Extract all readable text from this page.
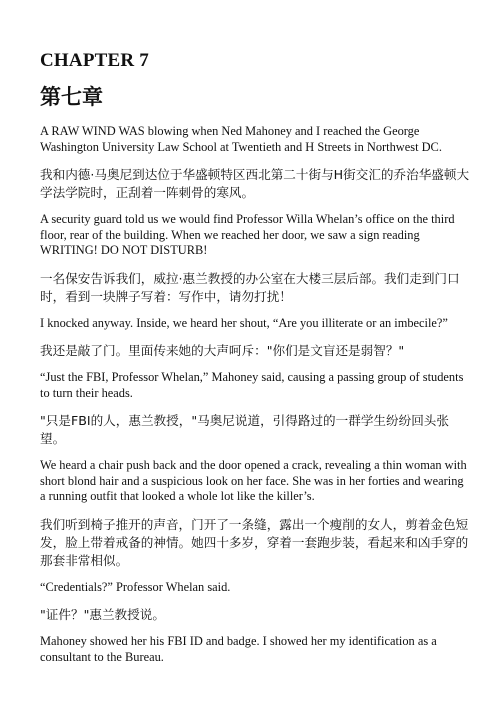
CHAPTER 7
第七章

A RAW WIND WAS blowing when Ned Mahoney and I reached the George Washington University Law School at Twentieth and H Streets in Northwest DC.

我和内德·马奥尼到达位于华盛顿特区西北第二十街与H街交汇的乔治华盛顿大学法学院时，正刮着一阵刺骨的寒风。

A security guard told us we would find Professor Willa Whelan’s office on the third floor, rear of the building. When we reached her door, we saw a sign reading WRITING! DO NOT DISTURB!

一名保安告诉我们，威拉·惠兰教授的办公室在大楼三层后部。我们走到门口时，看到一块牌子写着：写作中，请勿打扰！

I knocked anyway. Inside, we heard her shout, “Are you illiterate or an imbecile?”

我还是敲了门。里面传来她的大声呵斥："你们是文盲还是弱智？"

“Just the FBI, Professor Whelan,” Mahoney said, causing a passing group of students to turn their heads.

"只是FBI的人，惠兰教授，"马奥尼说道，引得路过的一群学生纷纷回头张望。

We heard a chair push back and the door opened a crack, revealing a thin woman with short blond hair and a suspicious look on her face. She was in her forties and wearing a running outfit that looked a whole lot like the killer’s.

我们听到椅子推开的声音，门开了一条缝，露出一个瘦削的女人，剪着金色短发，脸上带着戒备的神情。她四十多岁，穿着一套跑步装，看起来和凶手穿的那套非常相似。

“Credentials?” Professor Whelan said.

"证件？"惠兰教授说。

Mahoney showed her his FBI ID and badge. I showed her my identification as a consultant to the Bureau.
